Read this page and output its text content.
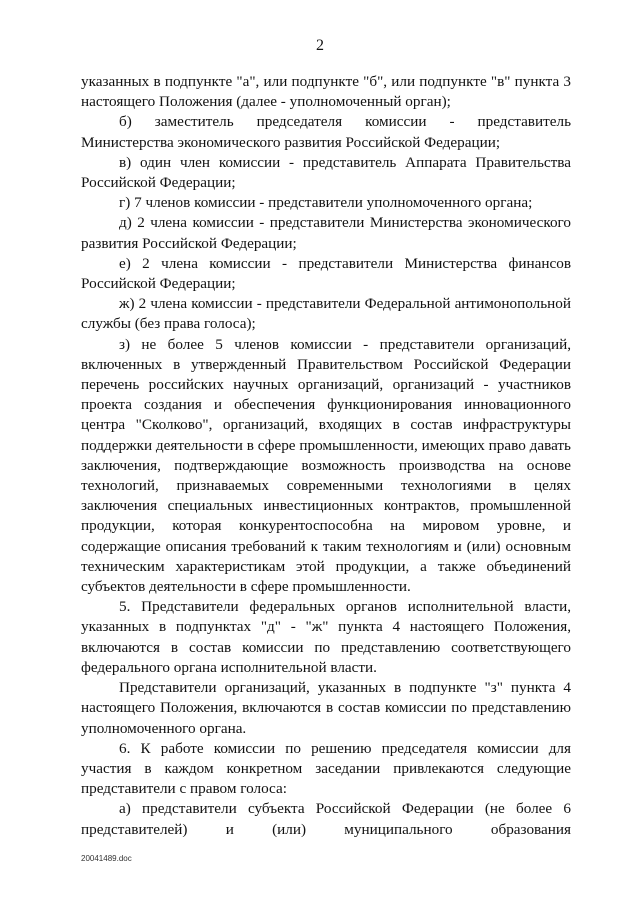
2

указанных в подпункте "а", или подпункте "б", или подпункте "в" пункта 3 настоящего Положения (далее - уполномоченный орган);

б) заместитель председателя комиссии - представитель Министерства экономического развития Российской Федерации;

в) один член комиссии - представитель Аппарата Правительства Российской Федерации;

г) 7 членов комиссии - представители уполномоченного органа;

д) 2 члена комиссии - представители Министерства экономического развития Российской Федерации;

е) 2 члена комиссии - представители Министерства финансов Российской Федерации;

ж) 2 члена комиссии - представители Федеральной антимонопольной службы (без права голоса);

з) не более 5 членов комиссии - представители организаций, включенных в утвержденный Правительством Российской Федерации перечень российских научных организаций, организаций - участников проекта создания и обеспечения функционирования инновационного центра "Сколково", организаций, входящих в состав инфраструктуры поддержки деятельности в сфере промышленности, имеющих право давать заключения, подтверждающие возможность производства на основе технологий, признаваемых современными технологиями в целях заключения специальных инвестиционных контрактов, промышленной продукции, которая конкурентоспособна на мировом уровне, и содержащие описания требований к таким технологиям и (или) основным техническим характеристикам этой продукции, а также объединений субъектов деятельности в сфере промышленности.

5. Представители федеральных органов исполнительной власти, указанных в подпунктах "д" - "ж" пункта 4 настоящего Положения, включаются в состав комиссии по представлению соответствующего федерального органа исполнительной власти.

Представители организаций, указанных в подпункте "з" пункта 4 настоящего Положения, включаются в состав комиссии по представлению уполномоченного органа.

6. К работе комиссии по решению председателя комиссии для участия в каждом конкретном заседании привлекаются следующие представители с правом голоса:

а) представители субъекта Российской Федерации (не более 6 представителей) и (или) муниципального образования

20041489.doc
